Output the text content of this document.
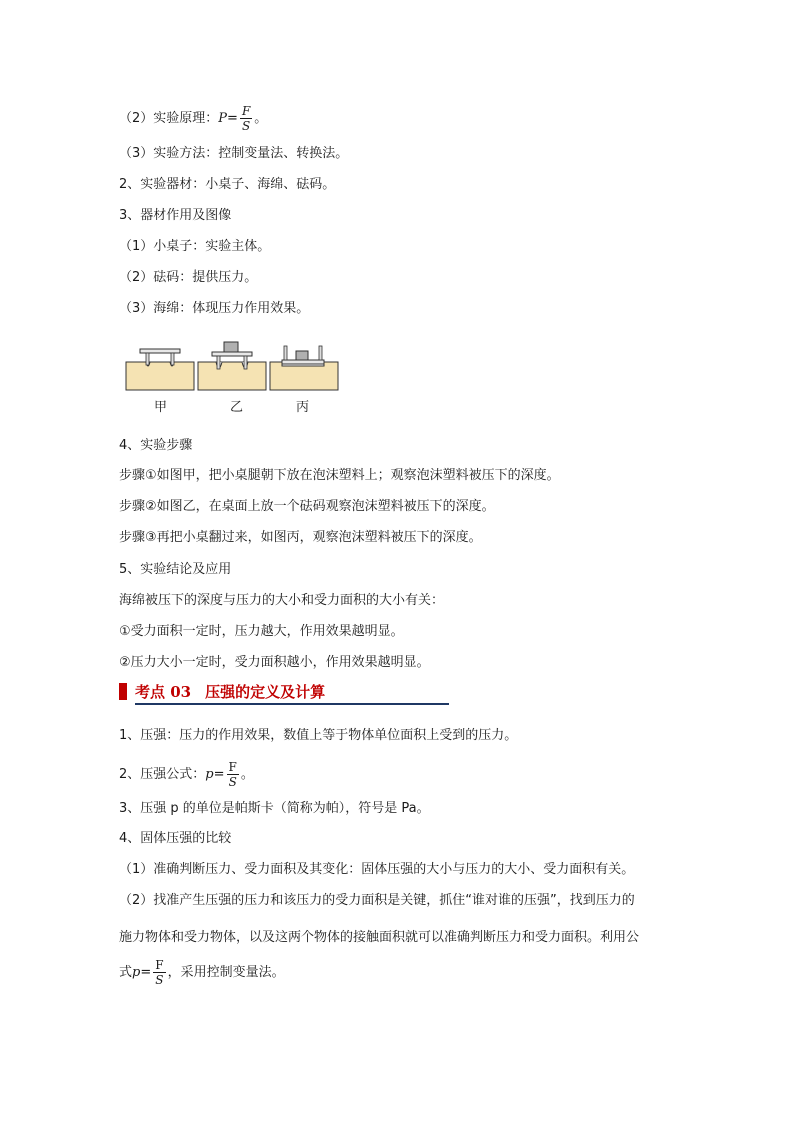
（2）实验原理：$P= \frac{F}{S}$ 。
（3）实验方法：控制变量法、转换法。
2、实验器材：小桌子、海绵、砝码。
3、器材作用及图像
（1）小桌子：实验主体。
（2）砝码：提供压力。
（3）海绵：体现压力作用效果。
甲	乙	丙
4、实验步骤
步骤①如图甲，把小桌腿朝下放在泡沫塑料上；观察泡沫塑料被压下的深度。
步骤②如图乙，在桌面上放一个砝码观察泡沫塑料被压下的深度。
步骤③再把小桌翻过来，如图丙，观察泡沫塑料被压下的深度。
5、实验结论及应用
海绵被压下的深度与压力的大小和受力面积的大小有关：
①受力面积一定时，压力越大，作用效果越明显。
②压力大小一定时，受力面积越小，作用效果越明显。
考点 03 压强的定义及计算
1、压强：压力的作用效果，数值上等于物体单位面积上受到的压力。
2、压强公式：$p= \frac{F}{S}$ 。
3、压强 p 的单位是帕斯卡（简称为帕），符号是 Pa。
4、固体压强的比较
（1）准确判断压力、受力面积及其变化：固体压强的大小与压力的大小、受力面积有关。
（2）找准产生压强的压力和该压力的受力面积是关键，抓住“谁对谁的压强”，找到压力的
施力物体和受力物体，以及这两个物体的接触面积就可以准确判断压力和受力面积。利用公
式$p= \frac{F}{S}$ ，采用控制变量法。
